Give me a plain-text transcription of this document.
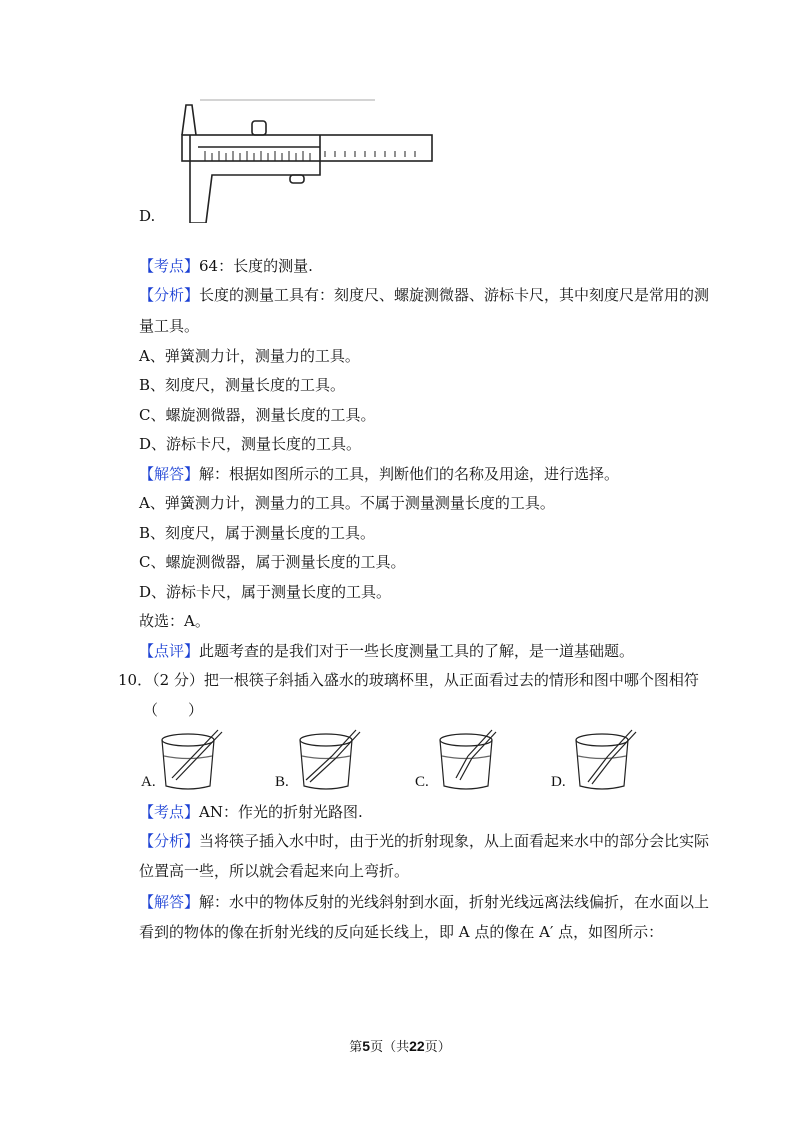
D.
【考点】64：长度的测量.
【分析】长度的测量工具有：刻度尺、螺旋测微器、游标卡尺，其中刻度尺是常用的测
量工具。
A、弹簧测力计，测量力的工具。
B、刻度尺，测量长度的工具。
C、螺旋测微器，测量长度的工具。
D、游标卡尺，测量长度的工具。
【解答】解：根据如图所示的工具，判断他们的名称及用途，进行选择。
A、弹簧测力计，测量力的工具。不属于测量测量长度的工具。
B、刻度尺，属于测量长度的工具。
C、螺旋测微器，属于测量长度的工具。
D、游标卡尺，属于测量长度的工具。
故选：A。
【点评】此题考查的是我们对于一些长度测量工具的了解，是一道基础题。
10．（2 分）把一根筷子斜插入盛水的玻璃杯里，从正面看过去的情形和图中哪个图相符
（　　）
A.	B.	C.	D.
【考点】AN：作光的折射光路图.
【分析】当将筷子插入水中时，由于光的折射现象，从上面看起来水中的部分会比实际
位置高一些，所以就会看起来向上弯折。
【解答】解：水中的物体反射的光线斜射到水面，折射光线远离法线偏折，在水面以上
看到的物体的像在折射光线的反向延长线上，即 A 点的像在 A′ 点，如图所示：
第5页（共22页）
